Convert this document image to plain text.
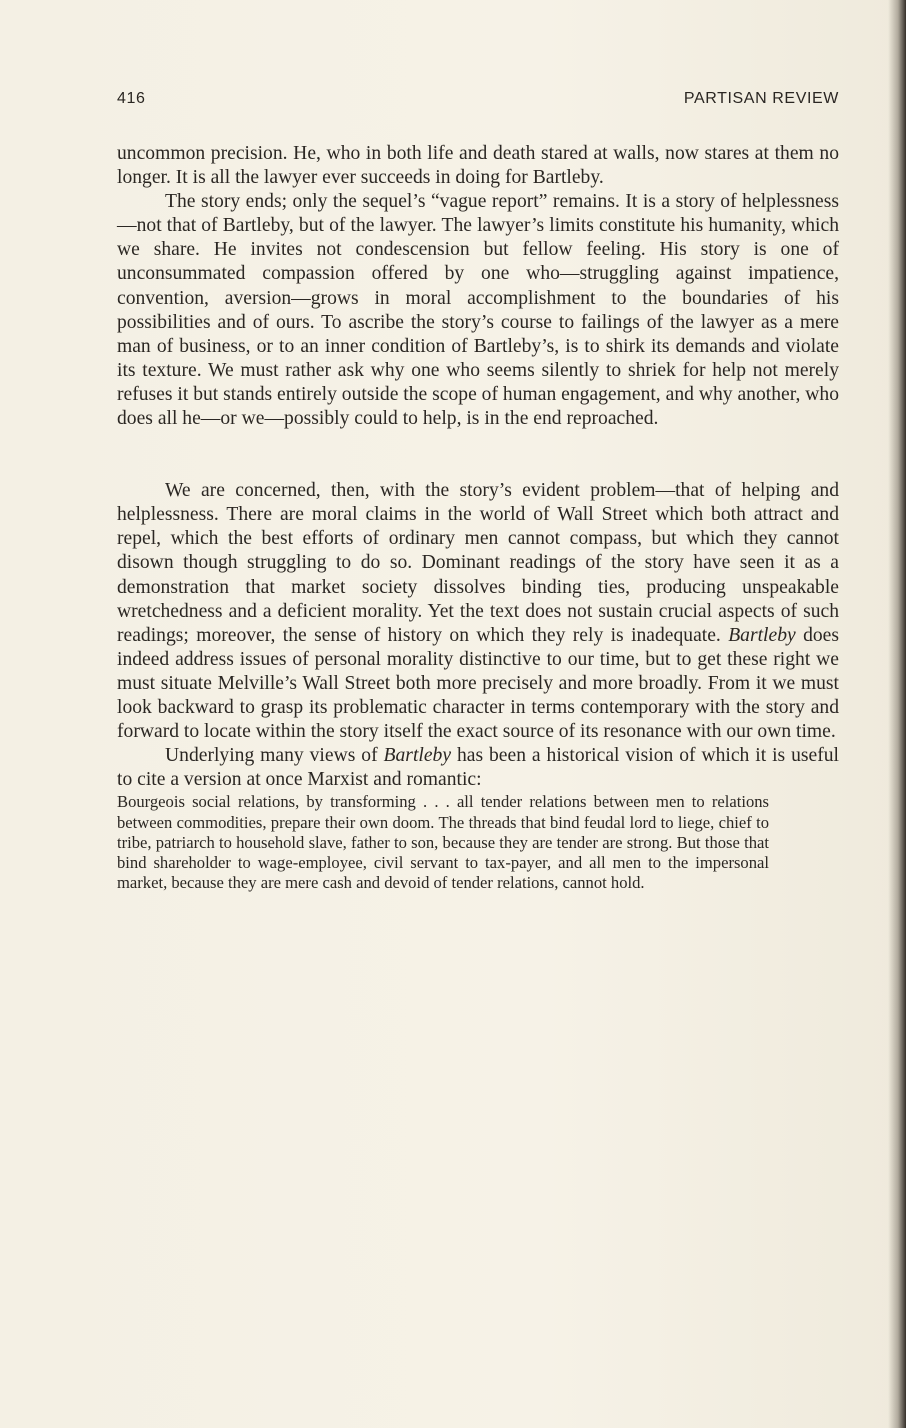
416	PARTISAN REVIEW

uncommon precision. He, who in both life and death stared at walls, now stares at them no longer. It is all the lawyer ever succeeds in doing for Bartleby.

The story ends; only the sequel’s “vague report” remains. It is a story of helplessness—not that of Bartleby, but of the lawyer. The lawyer’s limits constitute his humanity, which we share. He invites not condescension but fellow feeling. His story is one of unconsummated compassion offered by one who—struggling against impatience, convention, aversion—grows in moral accomplishment to the boundaries of his possibilities and of ours. To ascribe the story’s course to failings of the lawyer as a mere man of business, or to an inner condition of Bartleby’s, is to shirk its demands and violate its texture. We must rather ask why one who seems silently to shriek for help not merely refuses it but stands entirely outside the scope of human engagement, and why another, who does all he—or we—possibly could to help, is in the end reproached.

We are concerned, then, with the story’s evident problem—that of helping and helplessness. There are moral claims in the world of Wall Street which both attract and repel, which the best efforts of ordinary men cannot compass, but which they cannot disown though struggling to do so. Dominant readings of the story have seen it as a demonstration that market society dissolves binding ties, producing unspeakable wretchedness and a deficient morality. Yet the text does not sustain crucial aspects of such readings; moreover, the sense of history on which they rely is inadequate. Bartleby does indeed address issues of personal morality distinctive to our time, but to get these right we must situate Melville’s Wall Street both more precisely and more broadly. From it we must look backward to grasp its problematic character in terms contemporary with the story and forward to locate within the story itself the exact source of its resonance with our own time.

Underlying many views of Bartleby has been a historical vision of which it is useful to cite a version at once Marxist and romantic:

Bourgeois social relations, by transforming . . . all tender relations between men to relations between commodities, prepare their own doom. The threads that bind feudal lord to liege, chief to tribe, patriarch to household slave, father to son, because they are tender are strong. But those that bind shareholder to wage-employee, civil servant to tax-payer, and all men to the impersonal market, because they are mere cash and devoid of tender relations, cannot hold.
